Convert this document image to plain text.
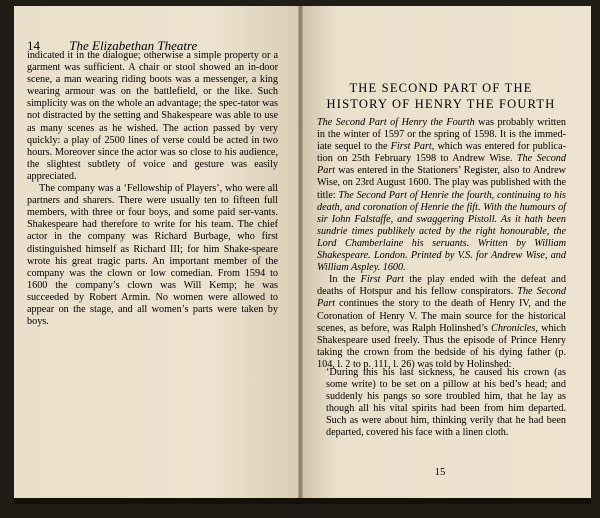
14 The Elizabethan Theatre

indicated it in the dialogue; otherwise a simple property or a garment was sufficient. A chair or stool showed an in-door scene, a man wearing riding boots was a messenger, a king wearing armour was on the battlefield, or the like. Such simplicity was on the whole an advantage; the spec-tator was not distracted by the setting and Shakespeare was able to use as many scenes as he wished. The action passed by very quickly: a play of 2500 lines of verse could be acted in two hours. Moreover since the actor was so close to his audience, the slightest subtlety of voice and gesture was easily appreciated.

The company was a ‘Fellowship of Players’, who were all partners and sharers. There were usually ten to fifteen full members, with three or four boys, and some paid ser-vants. Shakespeare had therefore to write for his team. The chief actor in the company was Richard Burbage, who first distinguished himself as Richard III; for him Shake-speare wrote his great tragic parts. An important member of the company was the clown or low comedian. From 1594 to 1600 the company’s clown was Will Kemp; he was succeeded by Robert Armin. No women were allowed to appear on the stage, and all women’s parts were taken by boys.

THE SECOND PART OF THE
HISTORY OF HENRY THE FOURTH

The Second Part of Henry the Fourth was probably written in the winter of 1597 or the spring of 1598. It is the immed-iate sequel to the First Part, which was entered for publica-tion on 25th February 1598 to Andrew Wise. The Second Part was entered in the Stationers’ Register, also to Andrew Wise, on 23rd August 1600. The play was published with the title: The Second Part of Henrie the fourth, continuing to his death, and coronation of Henrie the fift. With the humours of sir Iohn Falstaffe, and swaggering Pistoll. As it hath been sundrie times publikely acted by the right honourable, the Lord Chamberlaine his seruants. Written by William Shakespeare. London. Printed by V.S. for Andrew Wise, and William Aspley. 1600.

In the First Part the play ended with the defeat and deaths of Hotspur and his fellow conspirators. The Second Part continues the story to the death of Henry IV, and the Coronation of Henry V. The main source for the historical scenes, as before, was Ralph Holinshed’s Chronicles, which Shakespeare used freely. Thus the episode of Prince Henry taking the crown from the bedside of his dying father (p. 104, l. 2 to p. 111, l. 26) was told by Holinshed:

‘During this his last sickness, he caused his crown (as some write) to be set on a pillow at his bed’s head; and suddenly his pangs so sore troubled him, that he lay as though all his vital spirits had been from him departed. Such as were about him, thinking verily that he had been departed, covered his face with a linen cloth.

15
